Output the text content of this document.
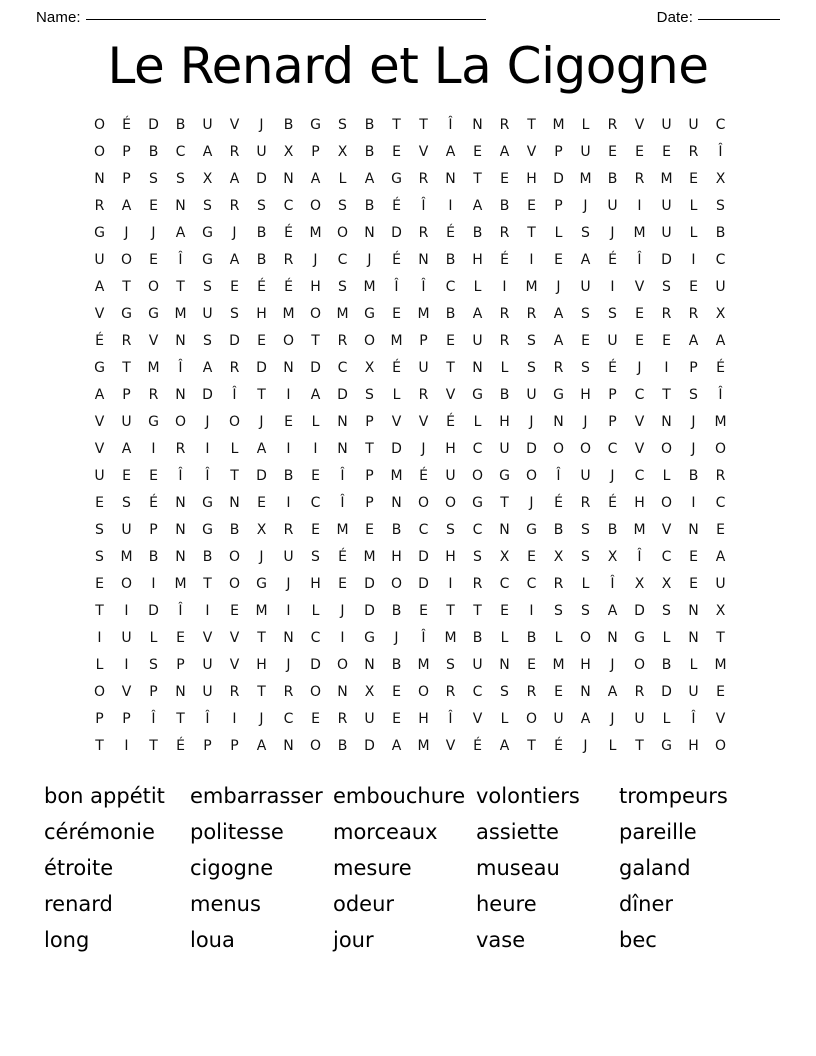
Name:	Date:
Le Renard et La Cigogne
O	É	D	B	U	V	J	B	G	S	B	T	T	Î	N	R	T	M	L	R	V	U	U	C
O	P	B	C	A	R	U	X	P	X	B	E	V	A	E	A	V	P	U	E	E	E	R	Î
N	P	S	S	X	A	D	N	A	L	A	G	R	N	T	E	H	D	M	B	R	M	E	X
R	A	E	N	S	R	S	C	O	S	B	É	Î	I	A	B	E	P	J	U	I	U	L	S
G	J	J	A	G	J	B	É	M	O	N	D	R	É	B	R	T	L	S	J	M	U	L	B
U	O	E	Î	G	A	B	R	J	C	J	É	N	B	H	É	I	E	A	É	Î	D	I	C
A	T	O	T	S	E	É	É	H	S	M	Î	Î	C	L	I	M	J	U	I	V	S	E	U
V	G	G	M	U	S	H	M	O	M	G	E	M	B	A	R	R	A	S	S	E	R	R	X
É	R	V	N	S	D	E	O	T	R	O	M	P	E	U	R	S	A	E	U	E	E	A	A
G	T	M	Î	A	R	D	N	D	C	X	É	U	T	N	L	S	R	S	É	J	I	P	É
A	P	R	N	D	Î	T	I	A	D	S	L	R	V	G	B	U	G	H	P	C	T	S	Î
V	U	G	O	J	O	J	E	L	N	P	V	V	É	L	H	J	N	J	P	V	N	J	M
V	A	I	R	I	L	A	I	I	N	T	D	J	H	C	U	D	O	O	C	V	O	J	O
U	E	E	Î	Î	T	D	B	E	Î	P	M	É	U	O	G	O	Î	U	J	C	L	B	R
E	S	É	N	G	N	E	I	C	Î	P	N	O	O	G	T	J	É	R	É	H	O	I	C
S	U	P	N	G	B	X	R	E	M	E	B	C	S	C	N	G	B	S	B	M	V	N	E
S	M	B	N	B	O	J	U	S	É	M	H	D	H	S	X	E	X	S	X	Î	C	E	A
E	O	I	M	T	O	G	J	H	E	D	O	D	I	R	C	C	R	L	Î	X	X	E	U
T	I	D	Î	I	E	M	I	L	J	D	B	E	T	T	E	I	S	S	A	D	S	N	X
I	U	L	E	V	V	T	N	C	I	G	J	Î	M	B	L	B	L	O	N	G	L	N	T
L	I	S	P	U	V	H	J	D	O	N	B	M	S	U	N	E	M	H	J	O	B	L	M
O	V	P	N	U	R	T	R	O	N	X	E	O	R	C	S	R	E	N	A	R	D	U	E
P	P	Î	T	Î	I	J	C	E	R	U	E	H	Î	V	L	O	U	A	J	U	L	Î	V
T	I	T	É	P	P	A	N	O	B	D	A	M	V	É	A	T	É	J	L	T	G	H	O
bon appétit	embarrasser embouchure volontiers	trompeurs
cérémonie	politesse	morceaux	assiette	pareille
étroite	cigogne	mesure	museau	galand
renard	menus	odeur	heure	dîner
long	loua	jour	vase	bec
